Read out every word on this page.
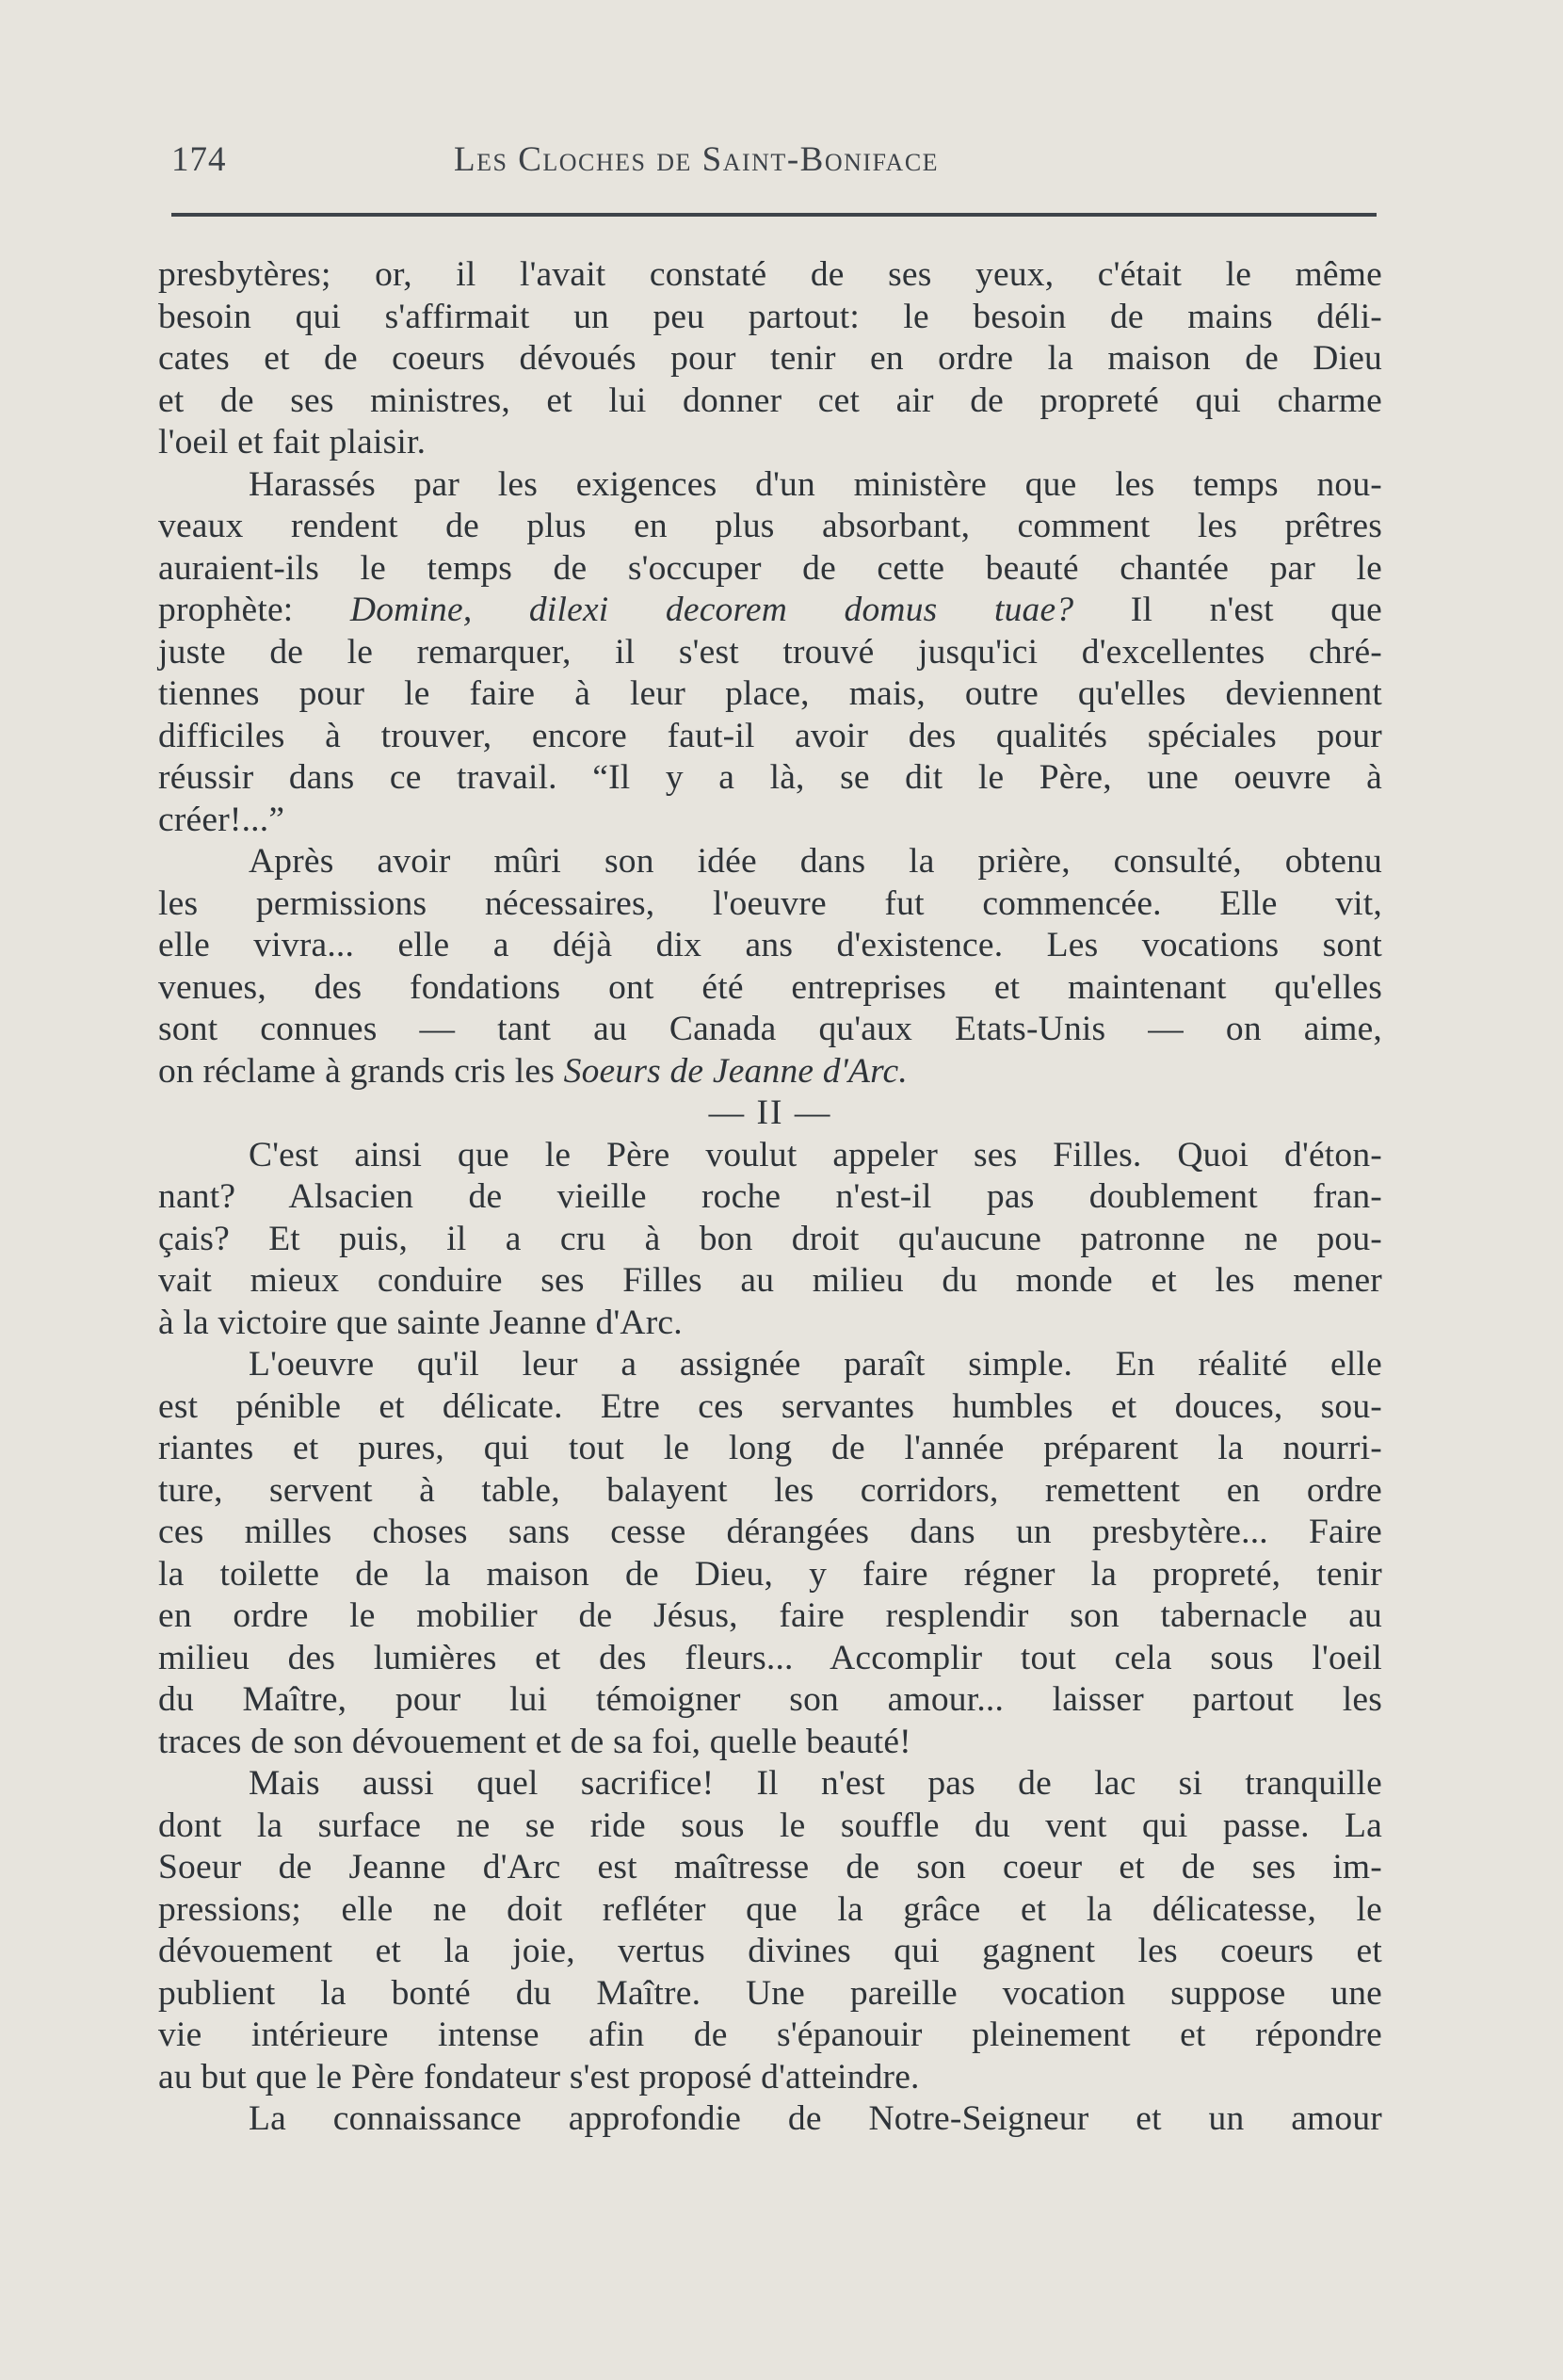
174	Les Cloches de Saint-Boniface
presbytères; or, il l'avait constaté de ses yeux, c'était le même
besoin qui s'affirmait un peu partout: le besoin de mains déli-
cates et de coeurs dévoués pour tenir en ordre la maison de Dieu
et de ses ministres, et lui donner cet air de propreté qui charme
l'oeil et fait plaisir.
Harassés par les exigences d'un ministère que les temps nou-
veaux rendent de plus en plus absorbant, comment les prêtres
auraient-ils le temps de s'occuper de cette beauté chantée par le
prophète: Domine, dilexi decorem domus tuae? Il n'est que
juste de le remarquer, il s'est trouvé jusqu'ici d'excellentes chré-
tiennes pour le faire à leur place, mais, outre qu'elles deviennent
difficiles à trouver, encore faut-il avoir des qualités spéciales pour
réussir dans ce travail. “Il y a là, se dit le Père, une oeuvre à
créer!...”
Après avoir mûri son idée dans la prière, consulté, obtenu
les permissions nécessaires, l'oeuvre fut commencée. Elle vit,
elle vivra... elle a déjà dix ans d'existence. Les vocations sont
venues, des fondations ont été entreprises et maintenant qu'elles
sont connues — tant au Canada qu'aux Etats-Unis — on aime,
on réclame à grands cris les Soeurs de Jeanne d'Arc.
— II —
C'est ainsi que le Père voulut appeler ses Filles. Quoi d'éton-
nant? Alsacien de vieille roche n'est-il pas doublement fran-
çais? Et puis, il a cru à bon droit qu'aucune patronne ne pou-
vait mieux conduire ses Filles au milieu du monde et les mener
à la victoire que sainte Jeanne d'Arc.
L'oeuvre qu'il leur a assignée paraît simple. En réalité elle
est pénible et délicate. Etre ces servantes humbles et douces, sou-
riantes et pures, qui tout le long de l'année préparent la nourri-
ture, servent à table, balayent les corridors, remettent en ordre
ces milles choses sans cesse dérangées dans un presbytère... Faire
la toilette de la maison de Dieu, y faire régner la propreté, tenir
en ordre le mobilier de Jésus, faire resplendir son tabernacle au
milieu des lumières et des fleurs... Accomplir tout cela sous l'oeil
du Maître, pour lui témoigner son amour... laisser partout les
traces de son dévouement et de sa foi, quelle beauté!
Mais aussi quel sacrifice! Il n'est pas de lac si tranquille
dont la surface ne se ride sous le souffle du vent qui passe. La
Soeur de Jeanne d'Arc est maîtresse de son coeur et de ses im-
pressions; elle ne doit refléter que la grâce et la délicatesse, le
dévouement et la joie, vertus divines qui gagnent les coeurs et
publient la bonté du Maître. Une pareille vocation suppose une
vie intérieure intense afin de s'épanouir pleinement et répondre
au but que le Père fondateur s'est proposé d'atteindre.
La connaissance approfondie de Notre-Seigneur et un amour
